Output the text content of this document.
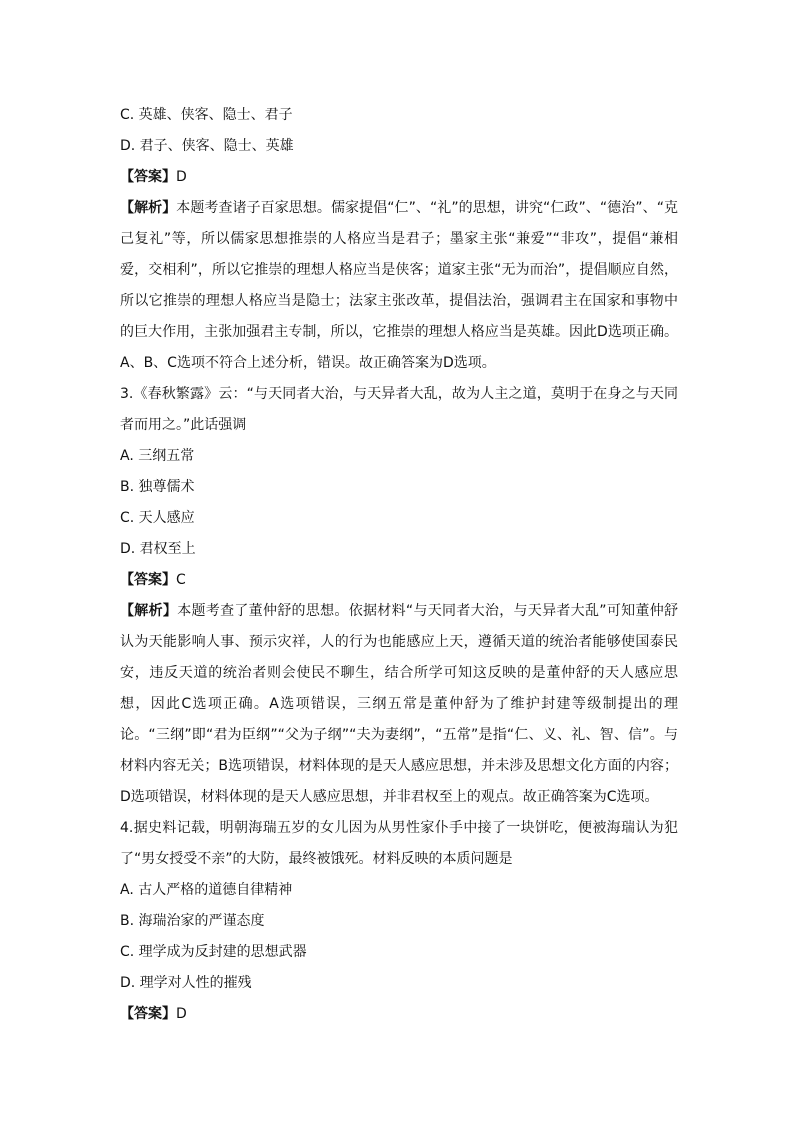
C. 英雄、侠客、隐士、君子
D. 君子、侠客、隐士、英雄
【答案】D
【解析】本题考查诸子百家思想。儒家提倡“仁”、“礼”的思想，讲究“仁政”、“德治”、“克己复礼”等，所以儒家思想推崇的人格应当是君子；墨家主张“兼爱”“非攻”，提倡“兼相爱，交相利”，所以它推崇的理想人格应当是侠客；道家主张“无为而治”，提倡顺应自然，所以它推崇的理想人格应当是隐士；法家主张改革，提倡法治，强调君主在国家和事物中的巨大作用，主张加强君主专制，所以，它推崇的理想人格应当是英雄。因此D选项正确。A、B、C选项不符合上述分析，错误。故正确答案为D选项。
3.《春秋繁露》云：“与天同者大治，与天异者大乱，故为人主之道，莫明于在身之与天同者而用之。”此话强调
A. 三纲五常
B. 独尊儒术
C. 天人感应
D. 君权至上
【答案】C
【解析】本题考查了董仲舒的思想。依据材料“与天同者大治，与天异者大乱”可知董仲舒认为天能影响人事、预示灾祥，人的行为也能感应上天，遵循天道的统治者能够使国泰民安，违反天道的统治者则会使民不聊生，结合所学可知这反映的是董仲舒的天人感应思想，因此C选项正确。A选项错误，三纲五常是董仲舒为了维护封建等级制提出的理论。“三纲”即“君为臣纲”“父为子纲”“夫为妻纲”，“五常”是指“仁、义、礼、智、信”。与材料内容无关；B选项错误，材料体现的是天人感应思想，并未涉及思想文化方面的内容；D选项错误，材料体现的是天人感应思想，并非君权至上的观点。故正确答案为C选项。
4.据史料记载，明朝海瑞五岁的女儿因为从男性家仆手中接了一块饼吃，便被海瑞认为犯了“男女授受不亲”的大防，最终被饿死。材料反映的本质问题是
A. 古人严格的道德自律精神
B. 海瑞治家的严谨态度
C. 理学成为反封建的思想武器
D. 理学对人性的摧残
【答案】D
